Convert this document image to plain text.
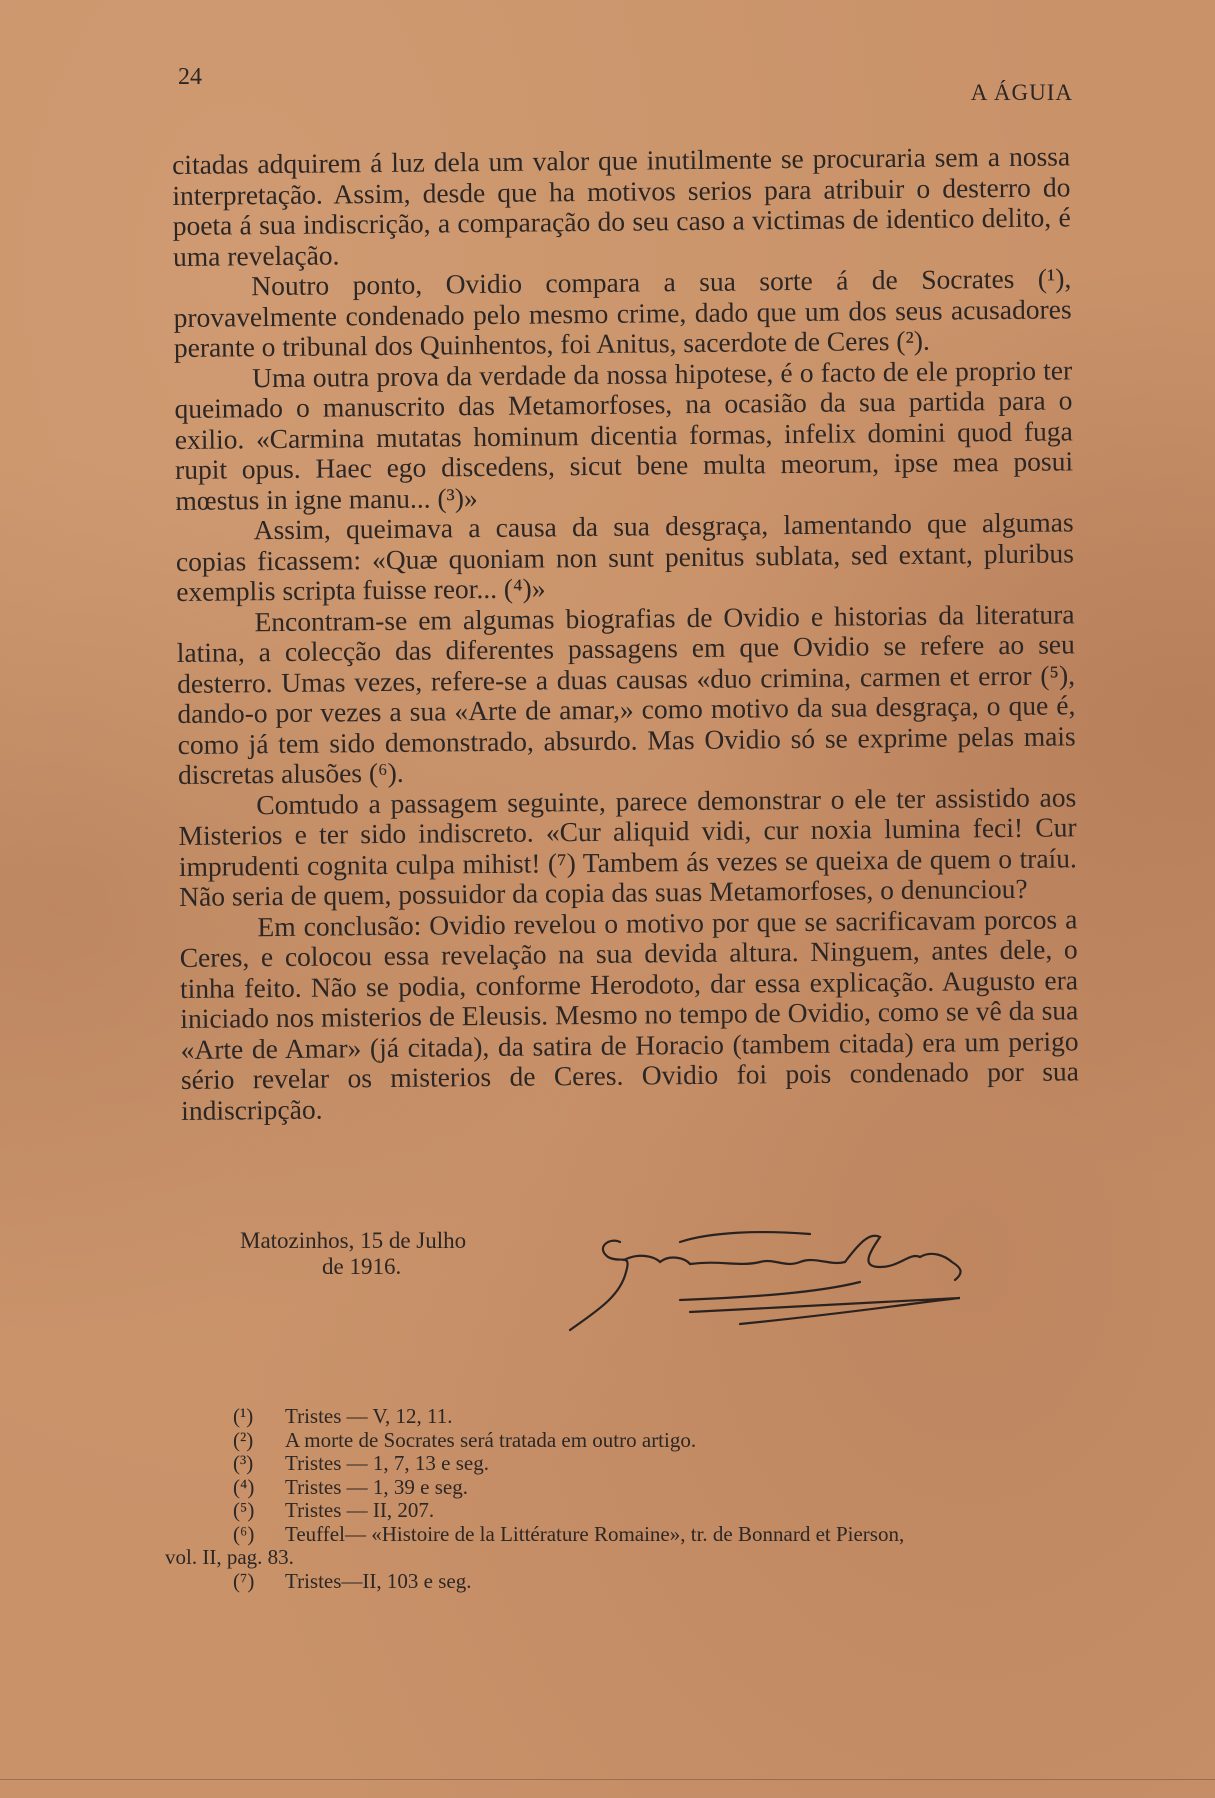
24
A ÁGUIA

citadas adquirem á luz dela um valor que inutilmente se procuraria sem a nossa interpretação. Assim, desde que ha motivos serios para atribuir o desterro do poeta á sua indiscrição, a comparação do seu caso a victimas de identico delito, é uma revelação.

Noutro ponto, Ovidio compara a sua sorte á de Socrates (¹), provavelmente condenado pelo mesmo crime, dado que um dos seus acusadores perante o tribunal dos Quinhentos, foi Anitus, sacerdote de Ceres (²).

Uma outra prova da verdade da nossa hipotese, é o facto de ele proprio ter queimado o manuscrito das Metamorfoses, na ocasião da sua partida para o exilio. «Carmina mutatas hominum dicentia formas, infelix domini quod fuga rupit opus. Haec ego discedens, sicut bene multa meorum, ipse mea posui mœstus in igne manu... (³)»

Assim, queimava a causa da sua desgraça, lamentando que algumas copias ficassem: «Quæ quoniam non sunt penitus sublata, sed extant, pluribus exemplis scripta fuisse reor... (⁴)»

Encontram-se em algumas biografias de Ovidio e historias da literatura latina, a colecção das diferentes passagens em que Ovidio se refere ao seu desterro. Umas vezes, refere-se a duas causas «duo crimina, carmen et error (⁵), dando-o por vezes a sua «Arte de amar,» como motivo da sua desgraça, o que é, como já tem sido demonstrado, absurdo. Mas Ovidio só se exprime pelas mais discretas alusões (⁶).

Comtudo a passagem seguinte, parece demonstrar o ele ter assistido aos Misterios e ter sido indiscreto. «Cur aliquid vidi, cur noxia lumina feci! Cur imprudenti cognita culpa mihist! (⁷) Tambem ás vezes se queixa de quem o traíu. Não seria de quem, possuidor da copia das suas Metamorfoses, o denunciou?

Em conclusão: Ovidio revelou o motivo por que se sacrificavam porcos a Ceres, e colocou essa revelação na sua devida altura. Ninguem, antes dele, o tinha feito. Não se podia, conforme Herodoto, dar essa explicação. Augusto era iniciado nos misterios de Eleusis. Mesmo no tempo de Ovidio, como se vê da sua «Arte de Amar» (já citada), da satira de Horacio (tambem citada) era um perigo sério revelar os misterios de Ceres. Ovidio foi pois condenado por sua indiscripção.

Matozinhos, 15 de Julho
de 1916.
(¹) Tristes — V, 12, 11.
(²) A morte de Socrates será tratada em outro artigo.
(³) Tristes — 1, 7, 13 e seg.
(⁴) Tristes — 1, 39 e seg.
(⁵) Tristes — II, 207.
(⁶) Teuffel— «Histoire de la Littérature Romaine», tr. de Bonnard et Pierson,
vol. II, pag. 83.
(⁷) Tristes—II, 103 e seg.
